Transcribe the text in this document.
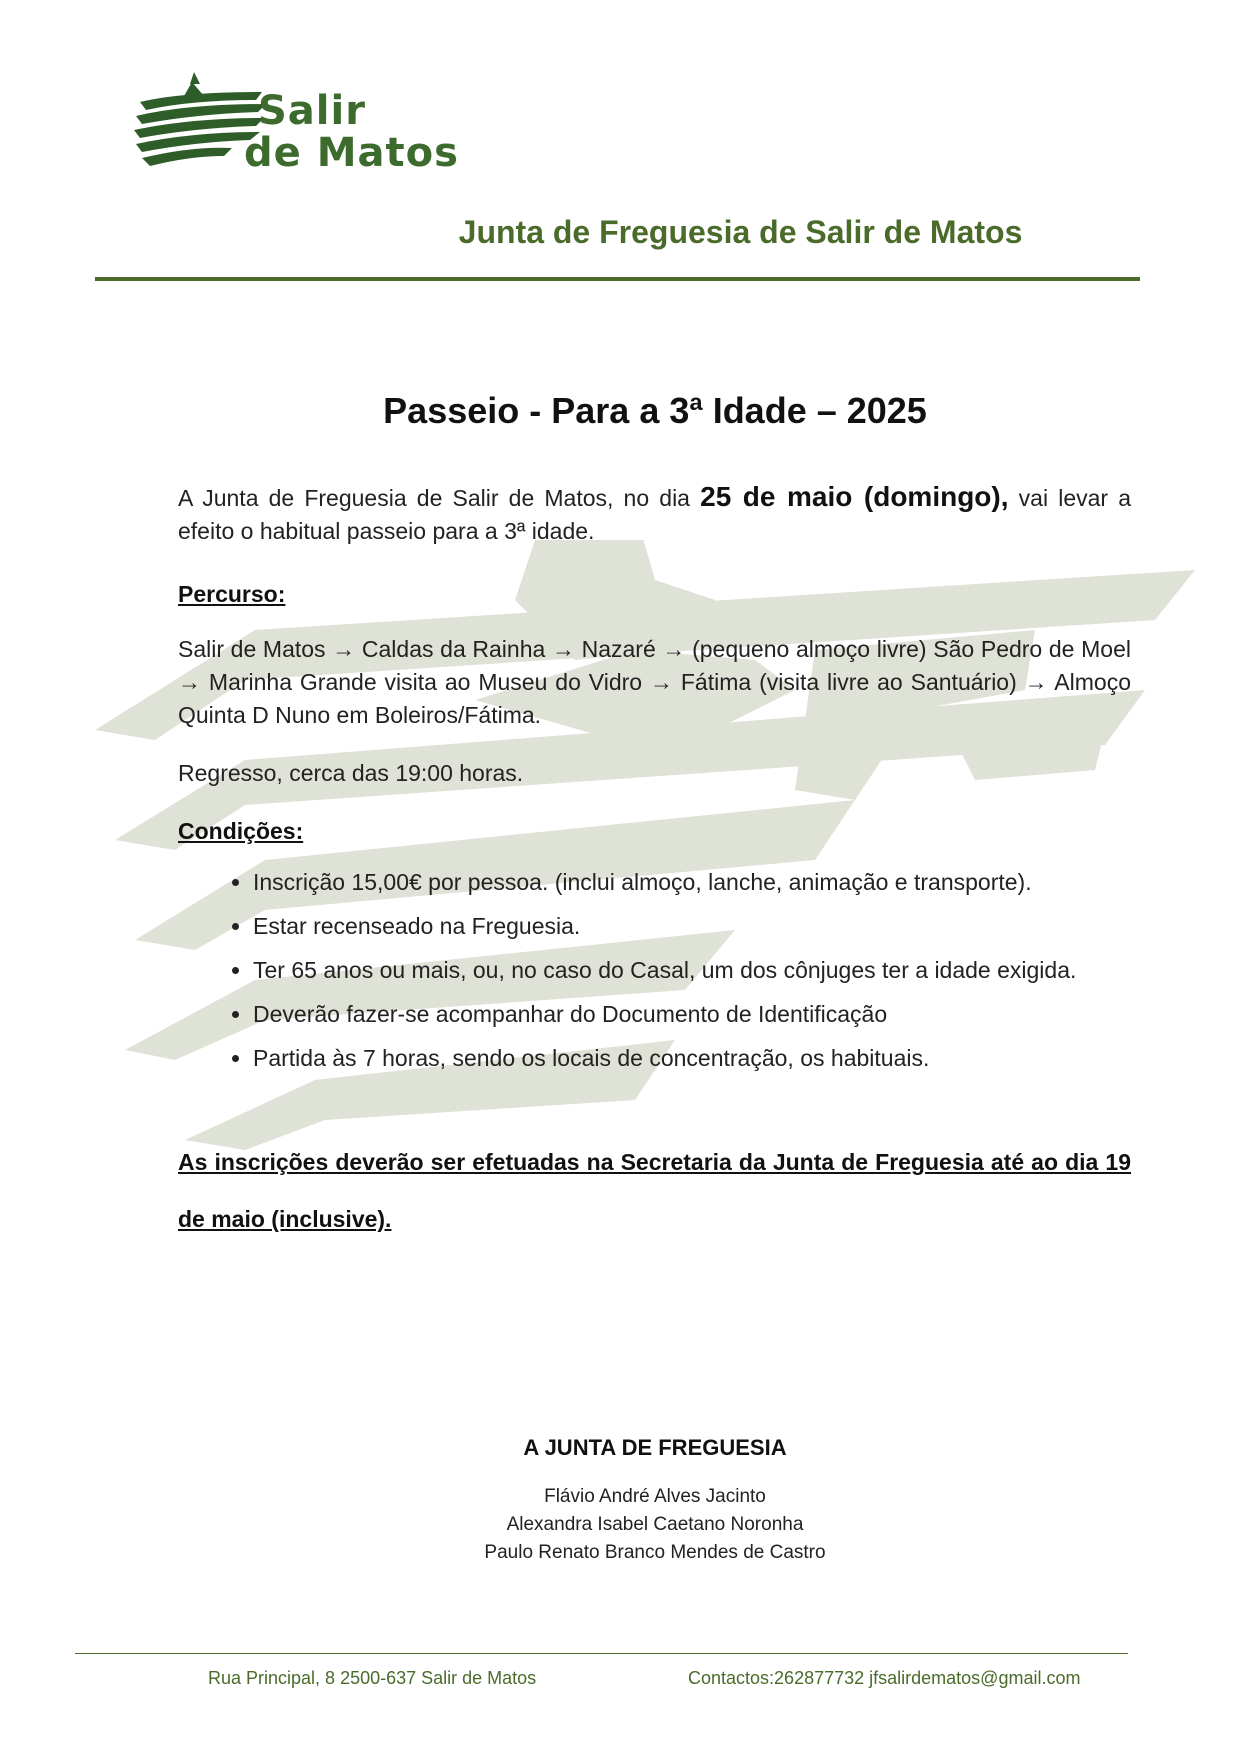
Salir
de Matos
Junta de Freguesia de Salir de Matos
Passeio - Para a 3ª Idade – 2025

A Junta de Freguesia de Salir de Matos, no dia 25 de maio (domingo), vai levar a efeito o habitual passeio para a 3ª idade.

Percurso:

Salir de Matos → Caldas da Rainha → Nazaré → (pequeno almoço livre) São Pedro de Moel → Marinha Grande visita ao Museu do Vidro → Fátima (visita livre ao Santuário) → Almoço Quinta D Nuno em Boleiros/Fátima.

Regresso, cerca das 19:00 horas.

Condições:

• Inscrição 15,00€ por pessoa. (inclui almoço, lanche, animação e transporte).
• Estar recenseado na Freguesia.
• Ter 65 anos ou mais, ou, no caso do Casal, um dos cônjuges ter a idade exigida.
• Deverão fazer-se acompanhar do Documento de Identificação
• Partida às 7 horas, sendo os locais de concentração, os habituais.

As inscrições deverão ser efetuadas na Secretaria da Junta de Freguesia até ao dia 19 de maio (inclusive).

A JUNTA DE FREGUESIA
Flávio André Alves Jacinto
Alexandra Isabel Caetano Noronha
Paulo Renato Branco Mendes de Castro
Rua Principal, 8 2500-637 Salir de Matos	Contactos:262877732 jfsalirdematos@gmail.com
